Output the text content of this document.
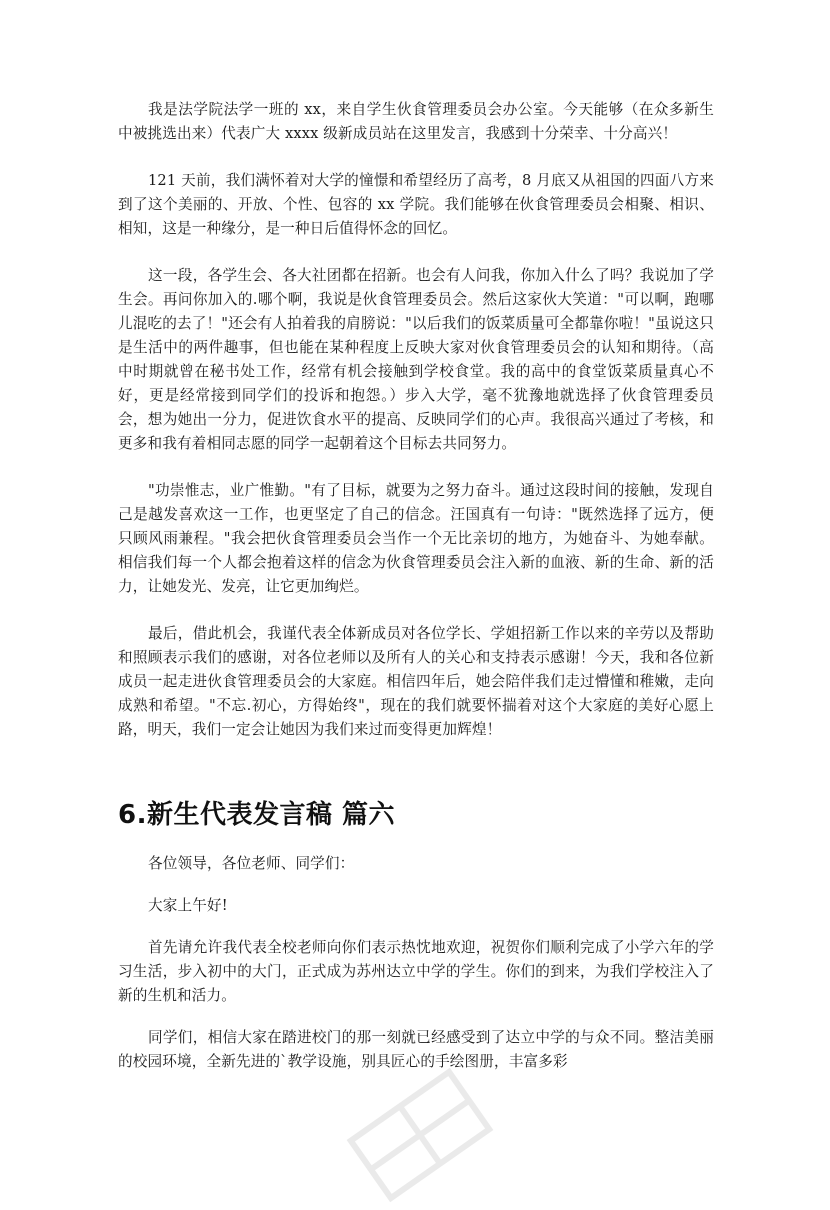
我是法学院法学一班的 xx，来自学生伙食管理委员会办公室。今天能够（在众多新生中被挑选出来）代表广大 xxxx 级新成员站在这里发言，我感到十分荣幸、十分高兴！

121 天前，我们满怀着对大学的憧憬和希望经历了高考，8 月底又从祖国的四面八方来到了这个美丽的、开放、个性、包容的 xx 学院。我们能够在伙食管理委员会相聚、相识、相知，这是一种缘分，是一种日后值得怀念的回忆。

这一段，各学生会、各大社团都在招新。也会有人问我，你加入什么了吗？我说加了学生会。再问你加入的.哪个啊，我说是伙食管理委员会。然后这家伙大笑道："可以啊，跑哪儿混吃的去了！"还会有人拍着我的肩膀说："以后我们的饭菜质量可全都靠你啦！"虽说这只是生活中的两件趣事，但也能在某种程度上反映大家对伙食管理委员会的认知和期待。（高中时期就曾在秘书处工作，经常有机会接触到学校食堂。我的高中的食堂饭菜质量真心不好，更是经常接到同学们的投诉和抱怨。）步入大学，毫不犹豫地就选择了伙食管理委员会，想为她出一分力，促进饮食水平的提高、反映同学们的心声。我很高兴通过了考核，和更多和我有着相同志愿的同学一起朝着这个目标去共同努力。

"功崇惟志，业广惟勤。"有了目标，就要为之努力奋斗。通过这段时间的接触，发现自己是越发喜欢这一工作，也更坚定了自己的信念。汪国真有一句诗："既然选择了远方，便只顾风雨兼程。"我会把伙食管理委员会当作一个无比亲切的地方，为她奋斗、为她奉献。相信我们每一个人都会抱着这样的信念为伙食管理委员会注入新的血液、新的生命、新的活力，让她发光、发亮，让它更加绚烂。

最后，借此机会，我谨代表全体新成员对各位学长、学姐招新工作以来的辛劳以及帮助和照顾表示我们的感谢，对各位老师以及所有人的关心和支持表示感谢！今天，我和各位新成员一起走进伙食管理委员会的大家庭。相信四年后，她会陪伴我们走过懵懂和稚嫩，走向成熟和希望。"不忘.初心，方得始终"，现在的我们就要怀揣着对这个大家庭的美好心愿上路，明天，我们一定会让她因为我们来过而变得更加辉煌！

6.新生代表发言稿 篇六

各位领导，各位老师、同学们：

大家上午好!

首先请允许我代表全校老师向你们表示热忱地欢迎，祝贺你们顺利完成了小学六年的学习生活，步入初中的大门，正式成为苏州达立中学的学生。你们的到来，为我们学校注入了新的生机和活力。

同学们，相信大家在踏进校门的那一刻就已经感受到了达立中学的与众不同。整洁美丽的校园环境，全新先进的`教学设施，别具匠心的手绘图册，丰富多彩
